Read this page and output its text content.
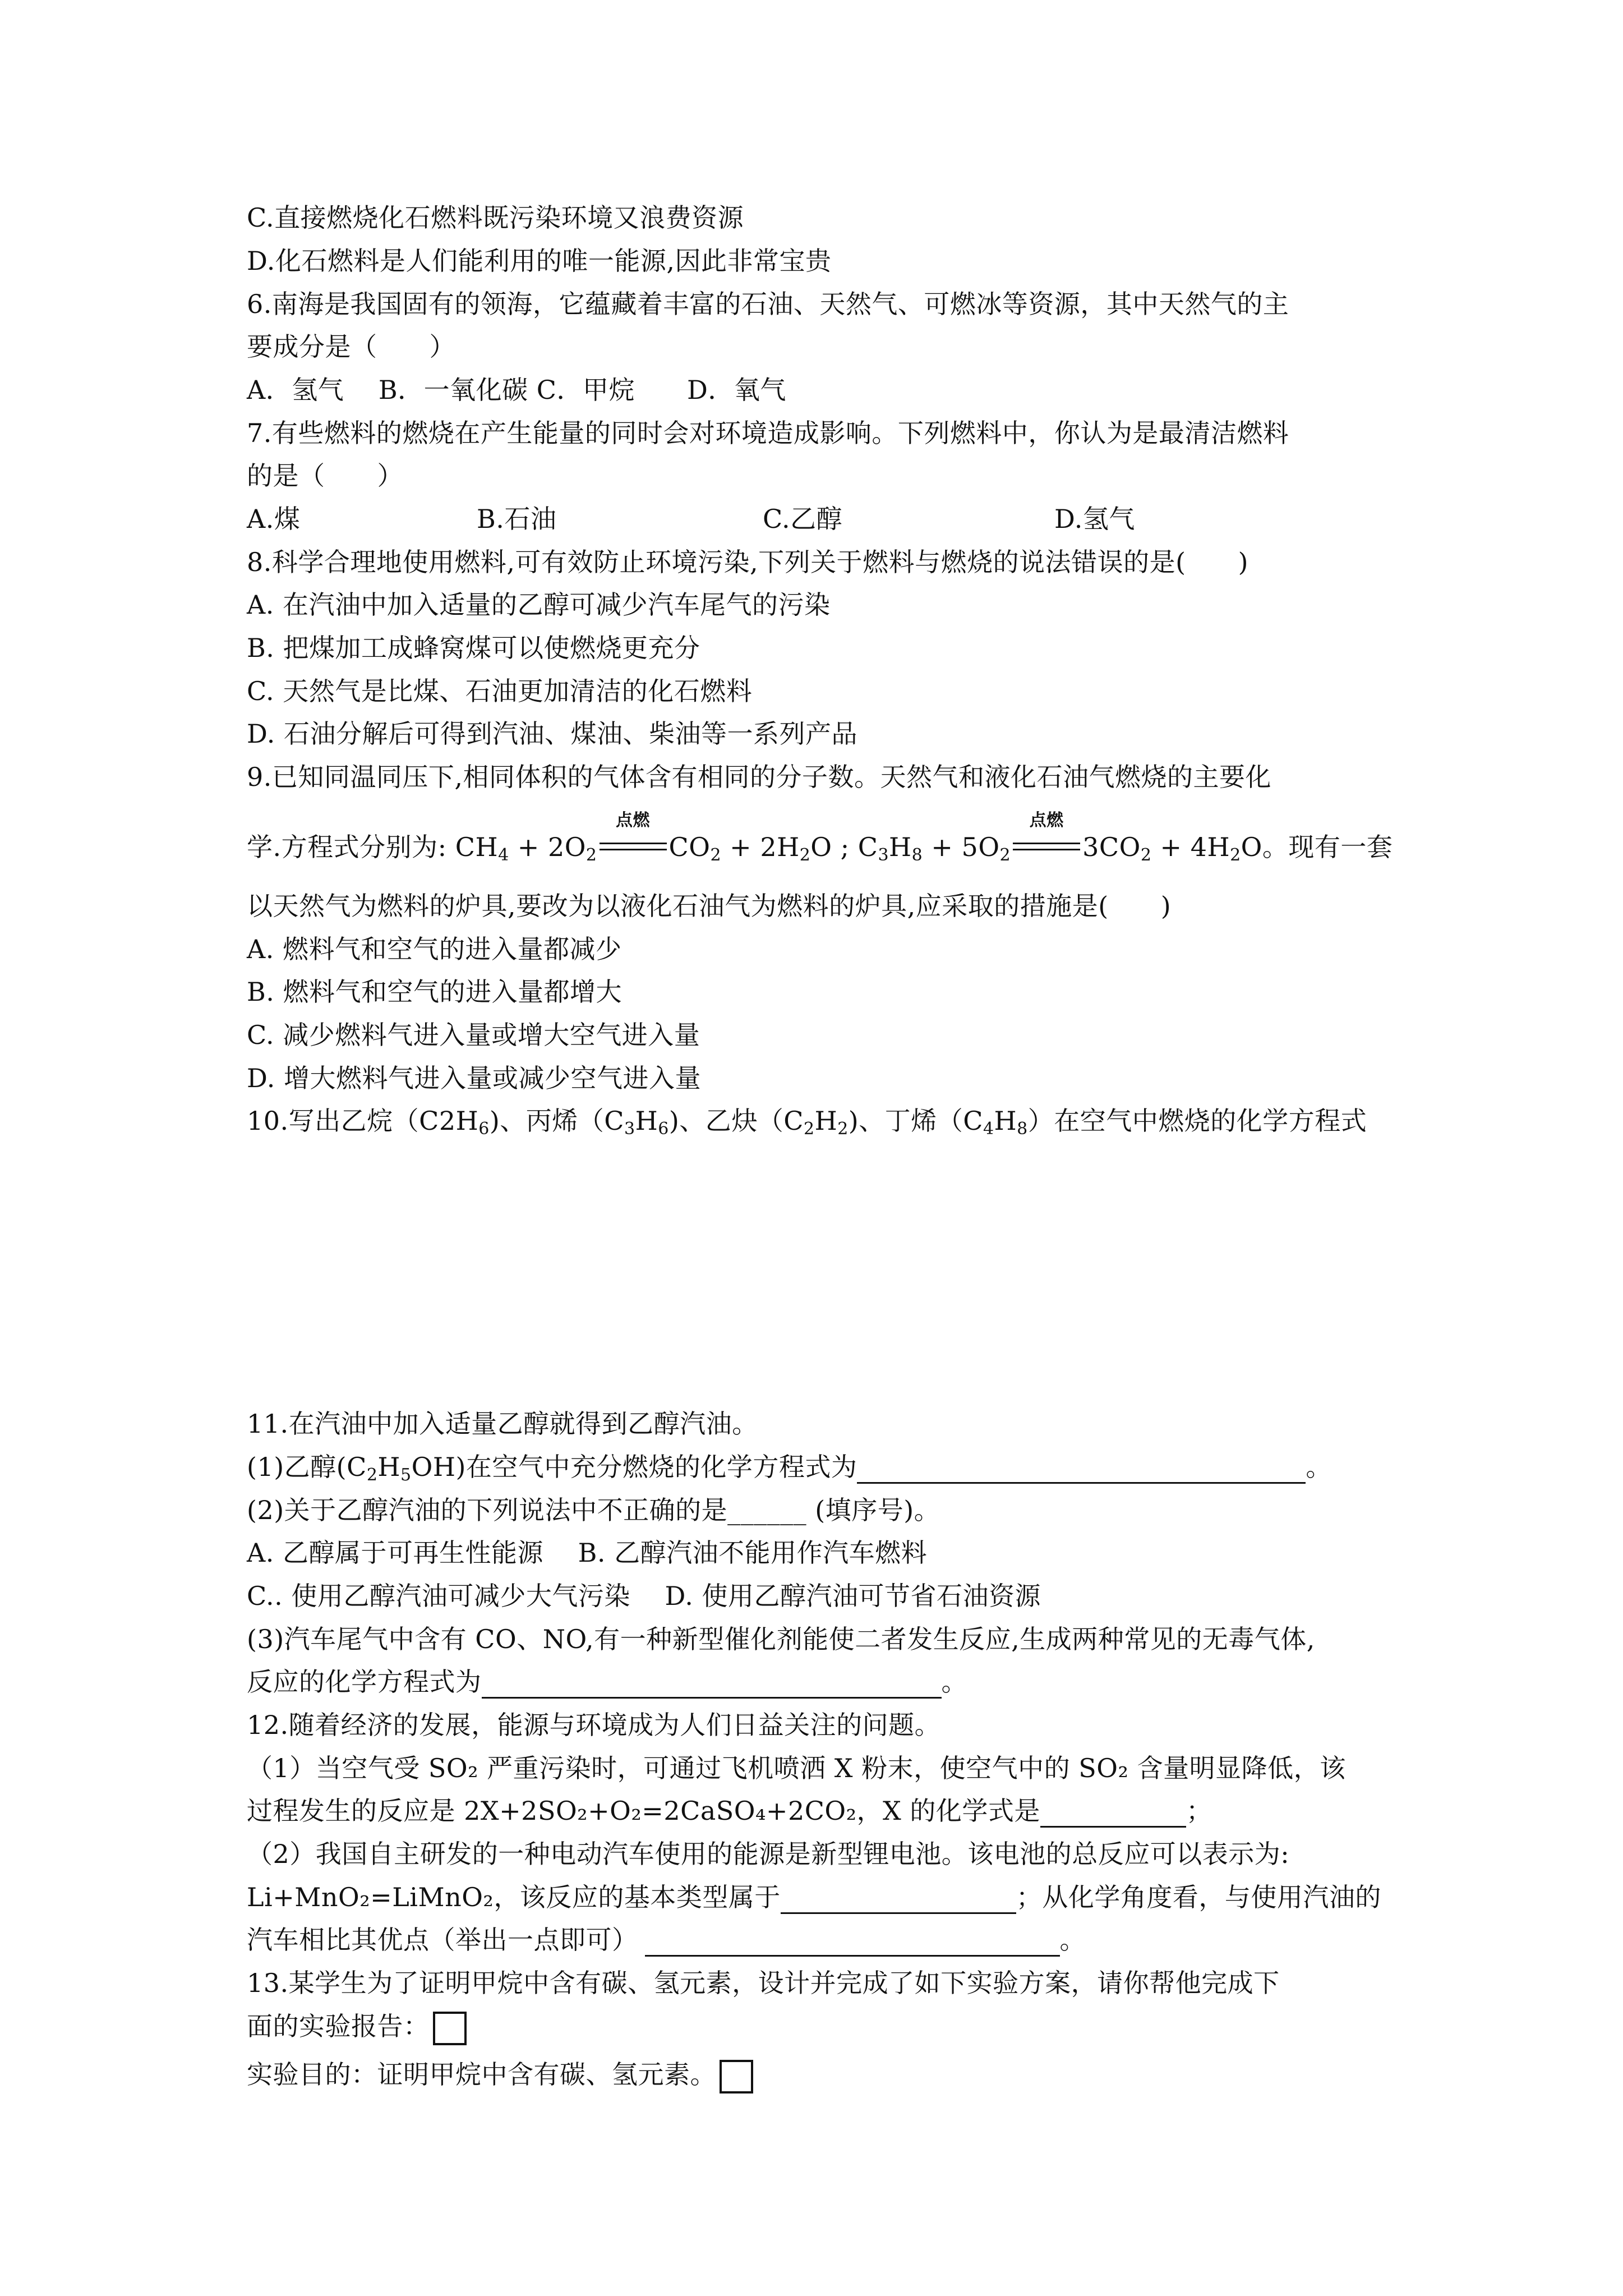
C.直接燃烧化石燃料既污染环境又浪费资源
D.化石燃料是人们能利用的唯一能源,因此非常宝贵
6.南海是我国固有的领海，它蕴藏着丰富的石油、天然气、可燃冰等资源，其中天然气的主
要成分是（　　）
A．氢气　 B．一氧化碳 C．甲烷　　D．氧气
7.有些燃料的燃烧在产生能量的同时会对环境造成影响。下列燃料中，你认为是最清洁燃料
的是（　　）
A.煤	B.石油	C.乙醇	D.氢气
8.科学合理地使用燃料,可有效防止环境污染,下列关于燃料与燃烧的说法错误的是(　　)
A. 在汽油中加入适量的乙醇可减少汽车尾气的污染
B. 把煤加工成蜂窝煤可以使燃烧更充分
C. 天然气是比煤、石油更加清洁的化石燃料
D. 石油分解后可得到汽油、煤油、柴油等一系列产品
9.已知同温同压下,相同体积的气体含有相同的分子数。天然气和液化石油气燃烧的主要化
学.方程式分别为: $CH_4 + 2O_2$
点燃
$CO_2 + 2H_2O$ ; $C_3H_8 + 5O_2$
点燃
$3CO_2 + 4H_2O$。现有一套
以天然气为燃料的炉具,要改为以液化石油气为燃料的炉具,应采取的措施是(　　)
A. 燃料气和空气的进入量都减少
B. 燃料气和空气的进入量都增大
C. 减少燃料气进入量或增大空气进入量
D. 增大燃料气进入量或减少空气进入量
10.写出乙烷$(C2H_6)$、丙烯$(C_3H_6)$、乙炔$(C_2H_2)$、丁烯$(C_4H_8)$在空气中燃烧的化学方程式
11.在汽油中加入适量乙醇就得到乙醇汽油。
(1)乙醇$(C_2H_5OH)$在空气中充分燃烧的化学方程式为	。
(2)关于乙醇汽油的下列说法中不正确的是______ (填序号)。
A. 乙醇属于可再生性能源　 B. 乙醇汽油不能用作汽车燃料
C.. 使用乙醇汽油可减少大气污染　 D. 使用乙醇汽油可节省石油资源
(3)汽车尾气中含有 CO、NO,有一种新型催化剂能使二者发生反应,生成两种常见的无毒气体,
反应的化学方程式为	。
12.随着经济的发展，能源与环境成为人们日益关注的问题。
（1）当空气受 SO₂ 严重污染时，可通过飞机喷洒 X 粉末，使空气中的 SO₂ 含量明显降低，该
过程发生的反应是 2X+2SO₂+O₂=2CaSO₄+2CO₂，X 的化学式是	；
（2）我国自主研发的一种电动汽车使用的能源是新型锂电池。该电池的总反应可以表示为:
Li+MnO₂=LiMnO₂，该反应的基本类型属于	；从化学角度看，与使用汽油的
汽车相比其优点（举出一点即可）	。
13.某学生为了证明甲烷中含有碳、氢元素，设计并完成了如下实验方案，请你帮他完成下
面的实验报告：
实验目的：证明甲烷中含有碳、氢元素。
